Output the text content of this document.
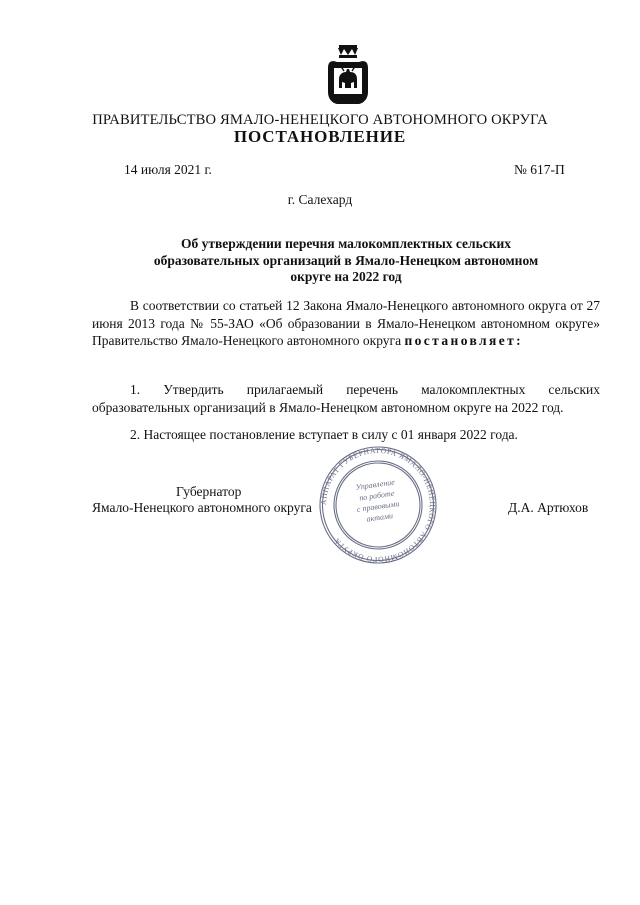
ПРАВИТЕЛЬСТВО ЯМАЛО-НЕНЕЦКОГО АВТОНОМНОГО ОКРУГА
ПОСТАНОВЛЕНИЕ
14 июля 2021 г.	№ 617-П
г. Салехард
Об утверждении перечня малокомплектных сельских образовательных организаций в Ямало-Ненецком автономном округе на 2022 год
В соответствии со статьей 12 Закона Ямало-Ненецкого автономного округа от 27 июня 2013 года № 55-ЗАО «Об образовании в Ямало-Ненецком автономном округе» Правительство Ямало-Ненецкого автономного округа постановляет:
1. Утвердить прилагаемый перечень малокомплектных сельских образовательных организаций в Ямало-Ненецком автономном округе на 2022 год.
2. Настоящее постановление вступает в силу с 01 января 2022 года.
Губернатор
Ямало-Ненецкого автономного округа	Д.А. Артюхов
АППАРАТ ГУБЕРНАТОРА ЯМАЛО-НЕНЕЦКОГО АВТОНОМНОГО ОКРУГА
Управление
по работе
с правовыми
актами
